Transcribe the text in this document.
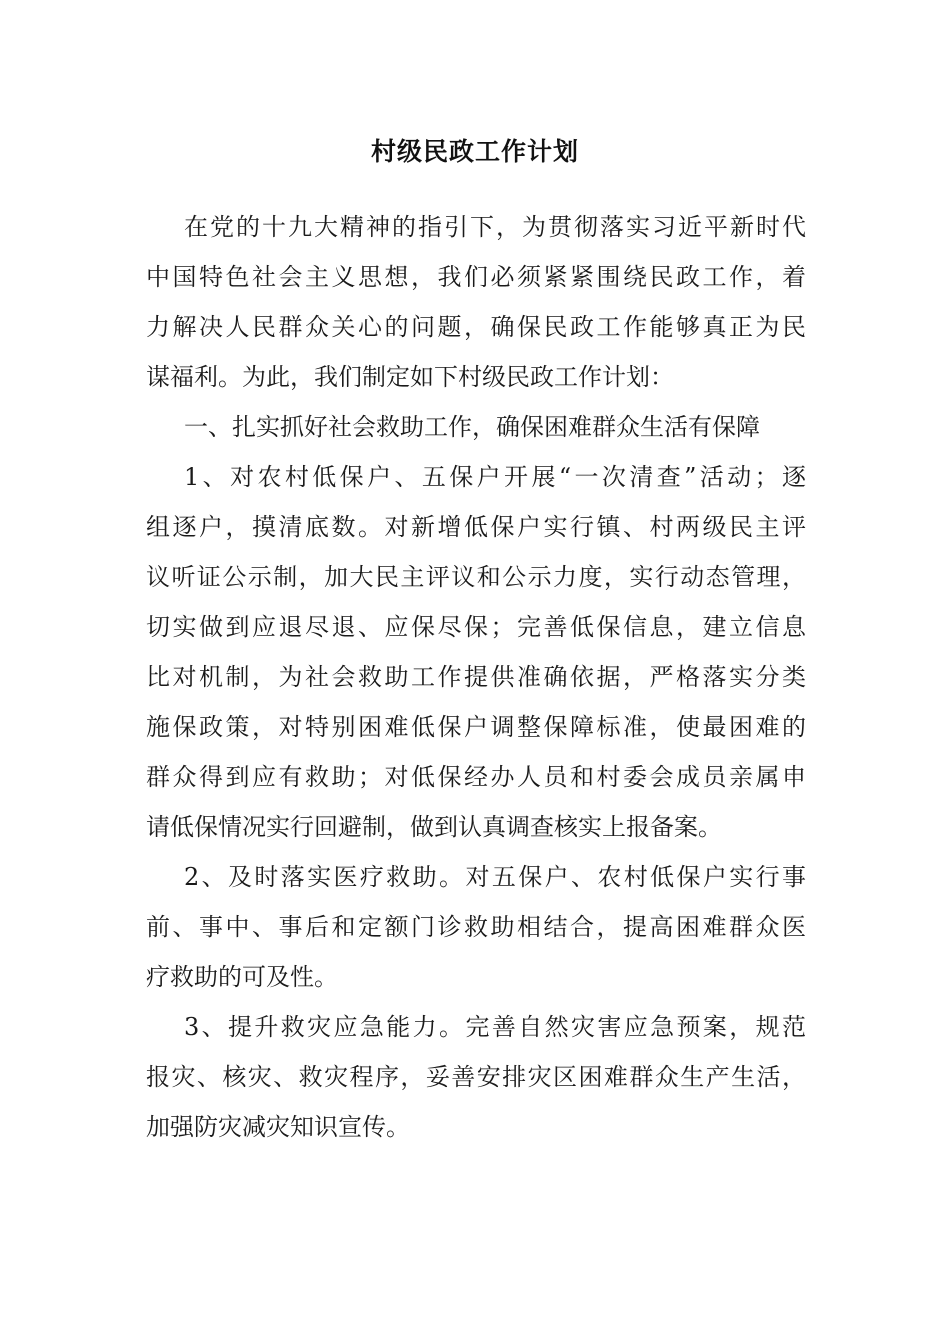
村级民政工作计划

在党的十九大精神的指引下，为贯彻落实习近平新时代

中国特色社会主义思想，我们必须紧紧围绕民政工作，着

力解决人民群众关心的问题，确保民政工作能够真正为民

谋福利。为此，我们制定如下村级民政工作计划：

一、扎实抓好社会救助工作，确保困难群众生活有保障

1、对农村低保户、五保户开展“一次清查”活动；逐

组逐户，摸清底数。对新增低保户实行镇、村两级民主评

议听证公示制，加大民主评议和公示力度，实行动态管理，

切实做到应退尽退、应保尽保；完善低保信息，建立信息

比对机制，为社会救助工作提供准确依据，严格落实分类

施保政策，对特别困难低保户调整保障标准，使最困难的

群众得到应有救助；对低保经办人员和村委会成员亲属申

请低保情况实行回避制，做到认真调查核实上报备案。

2、及时落实医疗救助。对五保户、农村低保户实行事

前、事中、事后和定额门诊救助相结合，提高困难群众医

疗救助的可及性。

3、提升救灾应急能力。完善自然灾害应急预案，规范

报灾、核灾、救灾程序，妥善安排灾区困难群众生产生活，

加强防灾减灾知识宣传。
